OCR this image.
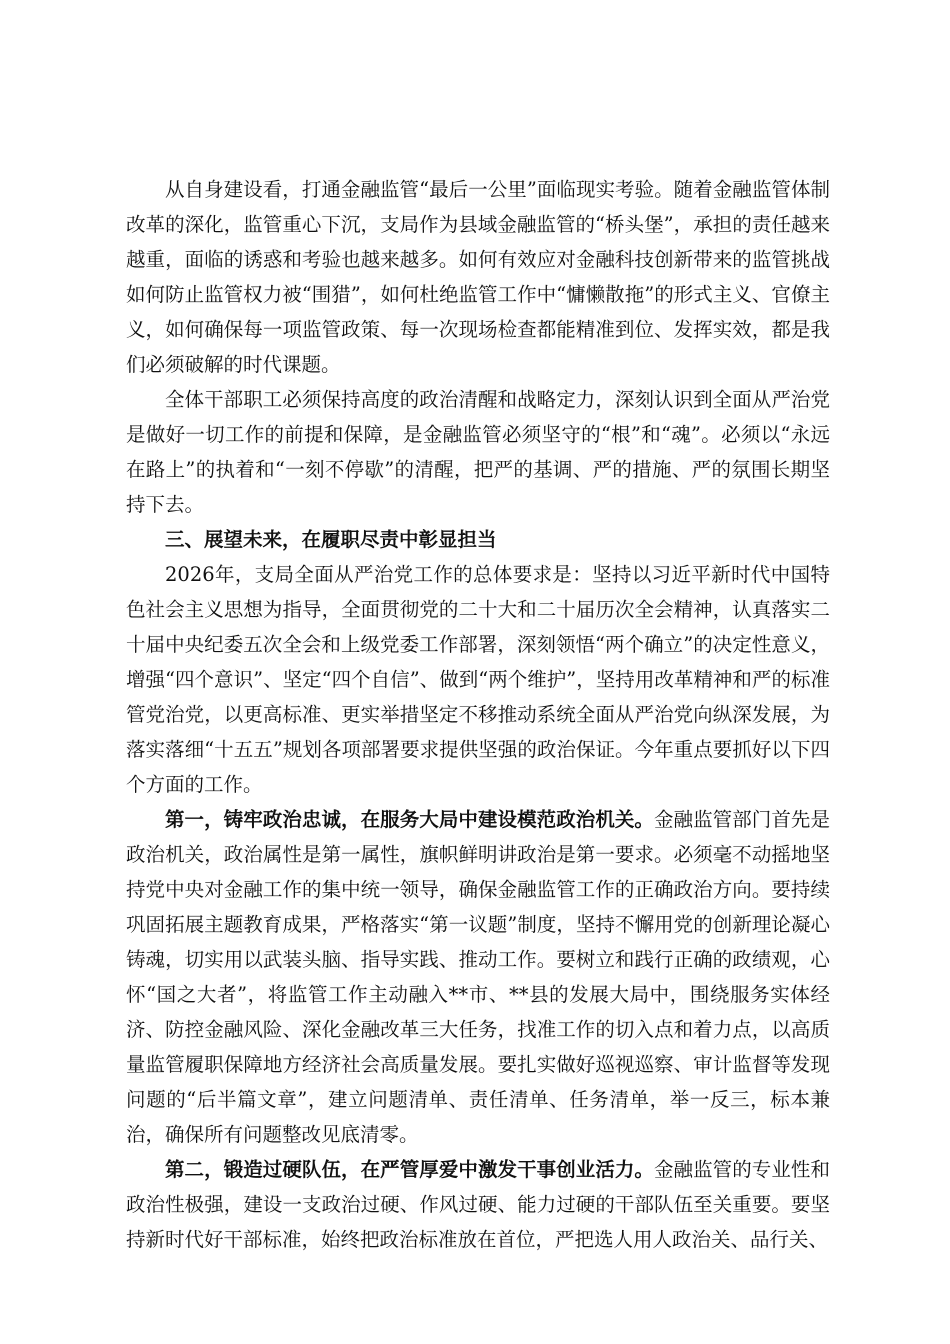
从自身建设看，打通金融监管“最后一公里”面临现实考验。随着金融监管体制改革的深化，监管重心下沉，支局作为县域金融监管的“桥头堡”，承担的责任越来越重，面临的诱惑和考验也越来越多。如何有效应对金融科技创新带来的监管挑战如何防止监管权力被“围猎”，如何杜绝监管工作中“慵懒散拖”的形式主义、官僚主义，如何确保每一项监管政策、每一次现场检查都能精准到位、发挥实效，都是我们必须破解的时代课题。

全体干部职工必须保持高度的政治清醒和战略定力，深刻认识到全面从严治党是做好一切工作的前提和保障，是金融监管必须坚守的“根”和“魂”。必须以“永远在路上”的执着和“一刻不停歇”的清醒，把严的基调、严的措施、严的氛围长期坚持下去。

三、展望未来，在履职尽责中彰显担当

2026年，支局全面从严治党工作的总体要求是：坚持以习近平新时代中国特色社会主义思想为指导，全面贯彻党的二十大和二十届历次全会精神，认真落实二十届中央纪委五次全会和上级党委工作部署，深刻领悟“两个确立”的决定性意义，增强“四个意识”、坚定“四个自信”、做到“两个维护”，坚持用改革精神和严的标准管党治党，以更高标准、更实举措坚定不移推动系统全面从严治党向纵深发展，为落实落细“十五五”规划各项部署要求提供坚强的政治保证。今年重点要抓好以下四个方面的工作。

第一，铸牢政治忠诚，在服务大局中建设模范政治机关。金融监管部门首先是政治机关，政治属性是第一属性，旗帜鲜明讲政治是第一要求。必须毫不动摇地坚持党中央对金融工作的集中统一领导，确保金融监管工作的正确政治方向。要持续巩固拓展主题教育成果，严格落实“第一议题”制度，坚持不懈用党的创新理论凝心铸魂，切实用以武装头脑、指导实践、推动工作。要树立和践行正确的政绩观，心怀“国之大者”，将监管工作主动融入**市、**县的发展大局中，围绕服务实体经济、防控金融风险、深化金融改革三大任务，找准工作的切入点和着力点，以高质量监管履职保障地方经济社会高质量发展。要扎实做好巡视巡察、审计监督等发现问题的“后半篇文章”，建立问题清单、责任清单、任务清单，举一反三，标本兼治，确保所有问题整改见底清零。

第二，锻造过硬队伍，在严管厚爱中激发干事创业活力。金融监管的专业性和政治性极强，建设一支政治过硬、作风过硬、能力过硬的干部队伍至关重要。要坚持新时代好干部标准，始终把政治标准放在首位，严把选人用人政治关、品行关、
